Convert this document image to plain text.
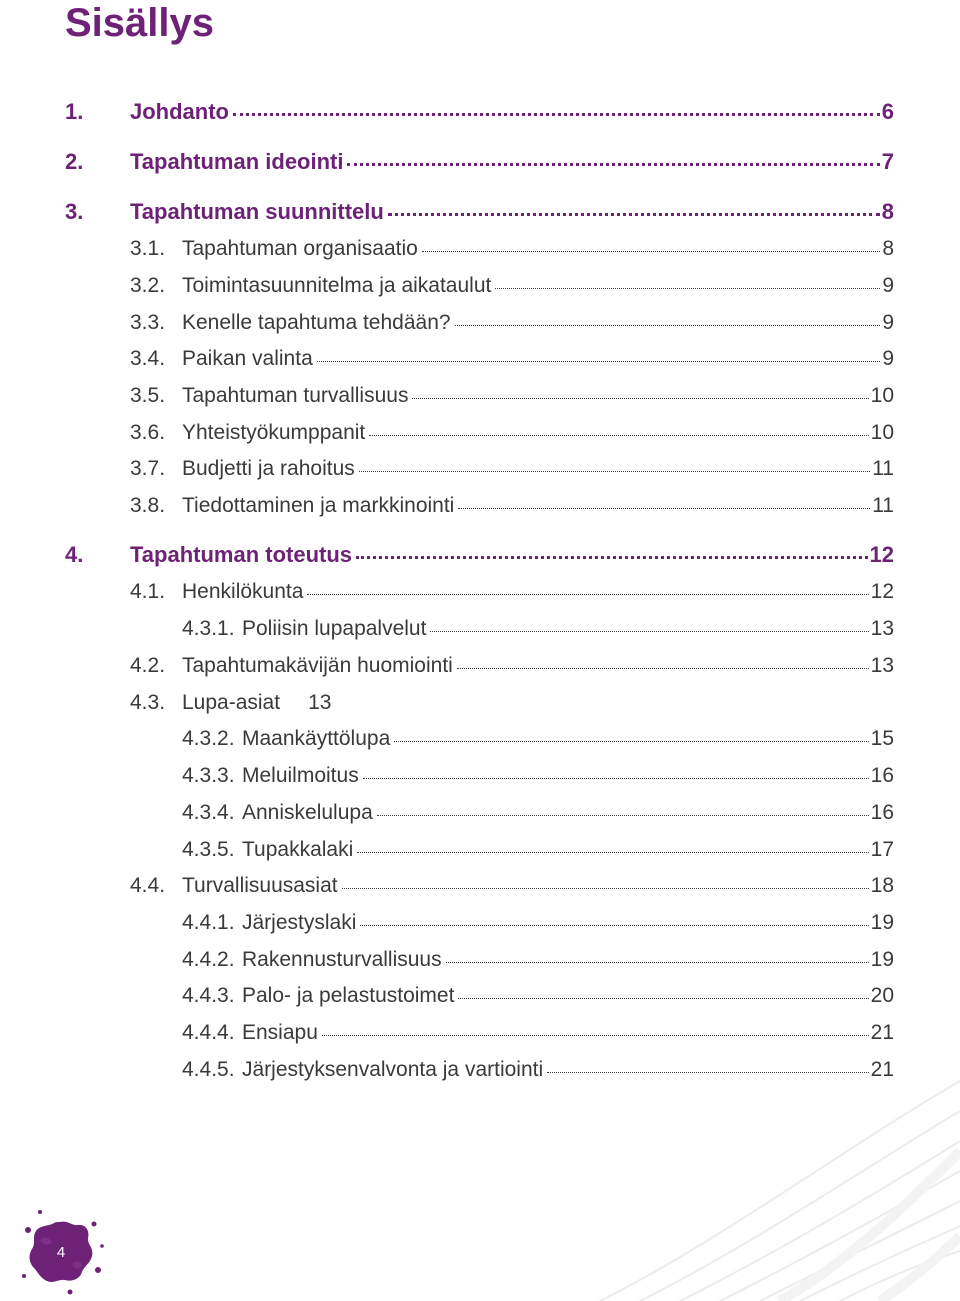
Sisällys
1. Johdanto	6
2. Tapahtuman ideointi	7
3. Tapahtuman suunnittelu	8
3.1. Tapahtuman organisaatio	8
3.2. Toimintasuunnitelma ja aikataulut	9
3.3. Kenelle tapahtuma tehdään?	9
3.4. Paikan valinta	9
3.5. Tapahtuman turvallisuus	10
3.6. Yhteistyökumppanit	10
3.7. Budjetti ja rahoitus	11
3.8. Tiedottaminen ja markkinointi	11
4. Tapahtuman toteutus	12
4.1. Henkilökunta	12
4.3.1. Poliisin lupapalvelut	13
4.2. Tapahtumakävijän huomiointi	13
4.3. Lupa-asiat 13
4.3.2. Maankäyttölupa	15
4.3.3. Meluilmoitus	16
4.3.4. Anniskelulupa	16
4.3.5. Tupakkalaki	17
4.4. Turvallisuusasiat	18
4.4.1. Järjestyslaki	19
4.4.2. Rakennusturvallisuus	19
4.4.3. Palo- ja pelastustoimet	20
4.4.4. Ensiapu	21
4.4.5. Järjestyksenvalvonta ja vartiointi	21
4
